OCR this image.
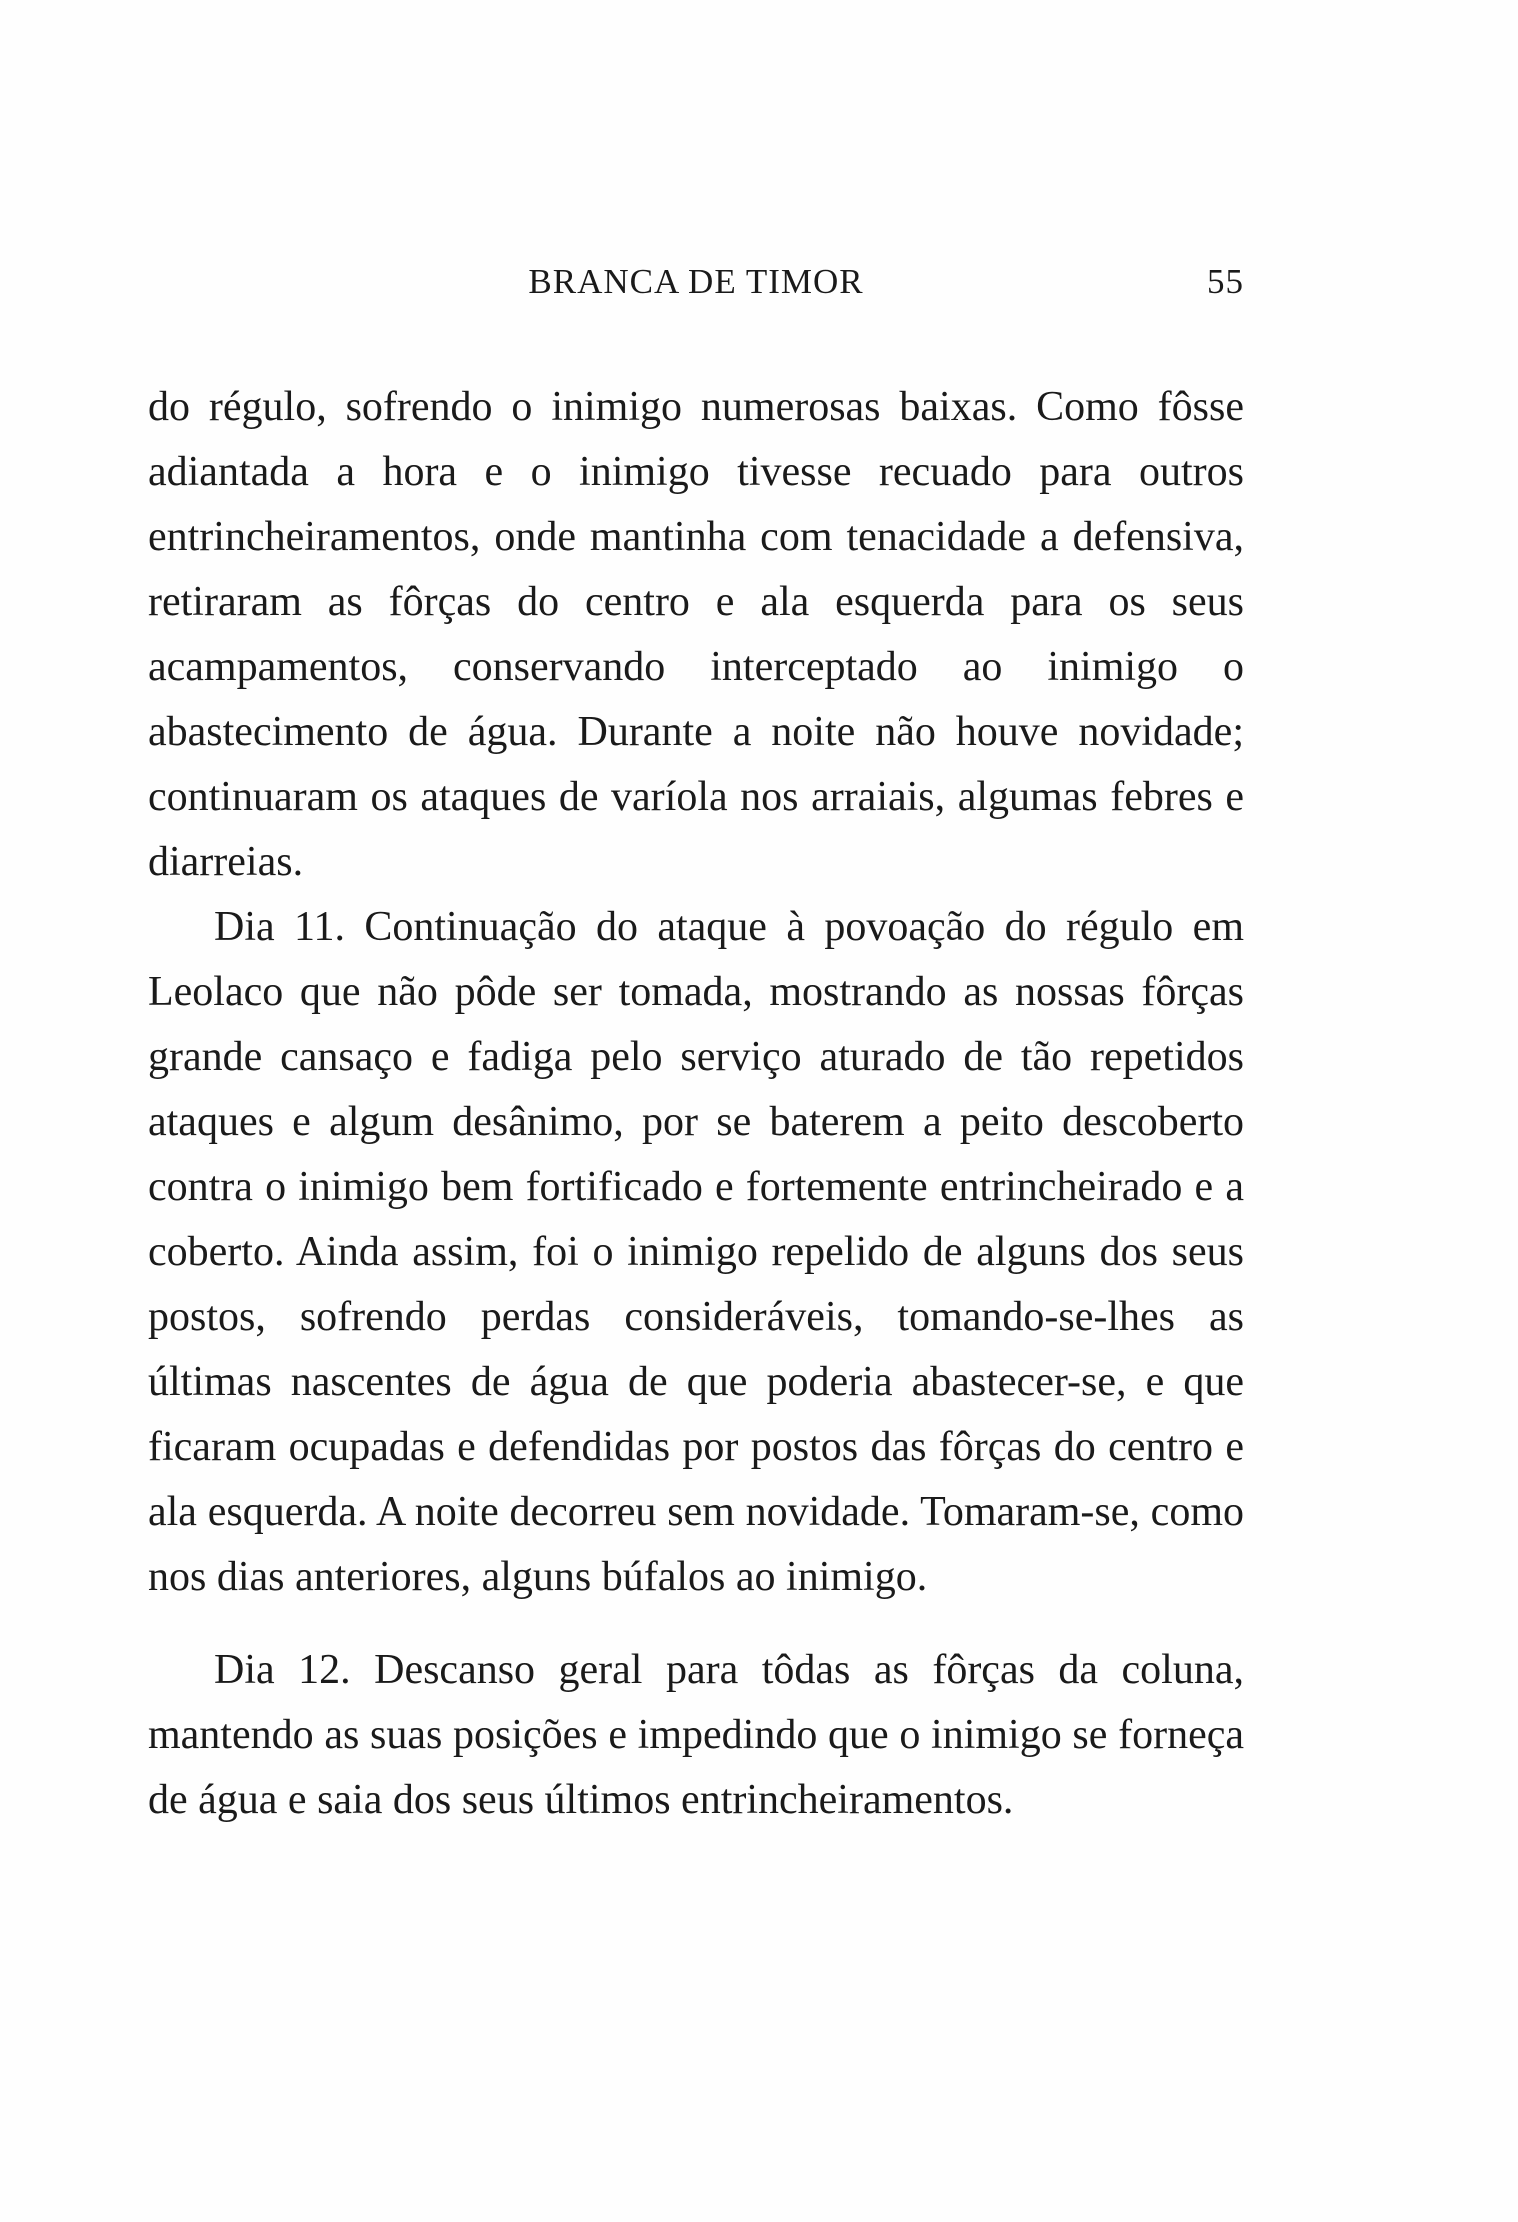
BRANCA DE TIMOR	55

do régulo, sofrendo o inimigo numerosas baixas. Como fôsse adiantada a hora e o inimigo tivesse recuado para outros entrincheiramentos, onde mantinha com tenacidade a defensiva, retiraram as fôrças do centro e ala esquerda para os seus acampamentos, conservando interceptado ao inimigo o abastecimento de água. Durante a noite não houve novidade; continuaram os ataques de varíola nos arraiais, algumas febres e diarreias.

Dia 11. Continuação do ataque à povoação do régulo em Leolaco que não pôde ser tomada, mostrando as nossas fôrças grande cansaço e fadiga pelo serviço aturado de tão repetidos ataques e algum desânimo, por se baterem a peito descoberto contra o inimigo bem fortificado e fortemente entrincheirado e a coberto. Ainda assim, foi o inimigo repelido de alguns dos seus postos, sofrendo perdas consideráveis, tomando-se-lhes as últimas nascentes de água de que poderia abastecer-se, e que ficaram ocupadas e defendidas por postos das fôrças do centro e ala esquerda. A noite decorreu sem novidade. Tomaram-se, como nos dias anteriores, alguns búfalos ao inimigo.

Dia 12. Descanso geral para tôdas as fôrças da coluna, mantendo as suas posições e impedindo que o inimigo se forneça de água e saia dos seus últimos entrincheiramentos.
